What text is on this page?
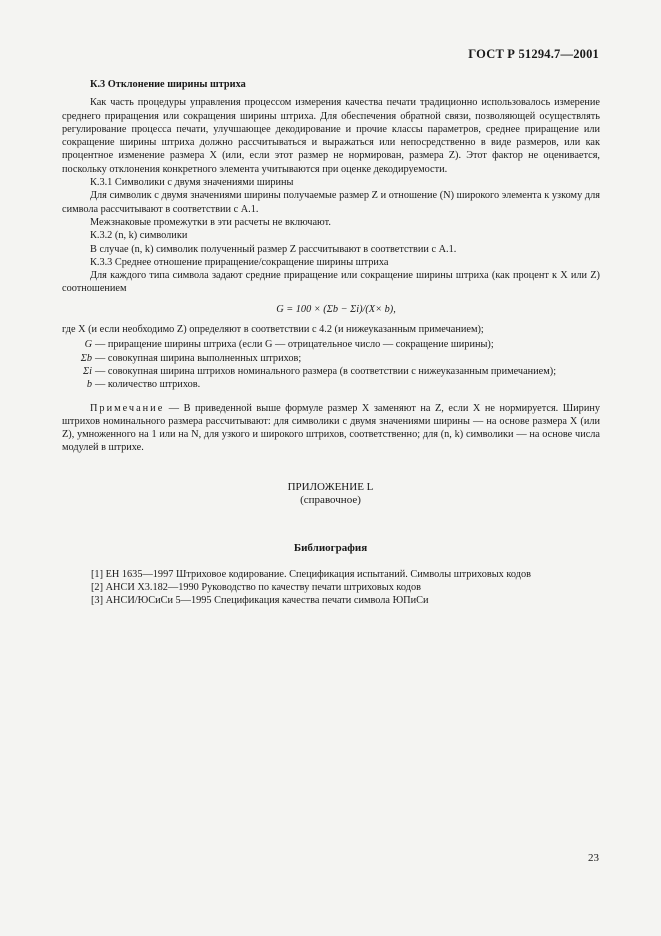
ГОСТ Р 51294.7—2001
К.3 Отклонение ширины штриха

Как часть процедуры управления процессом измерения качества печати традиционно использовалось измерение среднего приращения или сокращения ширины штриха. Для обеспечения обратной связи, позволяющей осуществлять регулирование процесса печати, улучшающее декодирование и прочие классы параметров, среднее приращение или сокращение ширины штриха должно рассчитываться и выражаться или непосредственно в виде размеров, или как процентное изменение размера X (или, если этот размер не нормирован, размера Z). Этот фактор не оценивается, поскольку отклонения конкретного элемента учитываются при оценке декодируемости.

К.3.1 Символики с двумя значениями ширины

Для символик с двумя значениями ширины получаемые размер Z и отношение (N) широкого элемента к узкому для символа рассчитывают в соответствии с А.1.

Межзнаковые промежутки в эти расчеты не включают.

К.3.2 (n, k) символики

В случае (n, k) символик полученный размер Z рассчитывают в соответствии с А.1.

К.3.3 Среднее отношение приращение/сокращение ширины штриха

Для каждого типа символа задают средние приращение или сокращение ширины штриха (как процент к X или Z) соотношением

G = 100 × (Σb − Σi)/(X× b),

где X (и если необходимо Z) определяют в соответствии с 4.2 (и нижеуказанным примечанием);

G — приращение ширины штриха (если G — отрицательное число — сокращение ширины);
Σb — совокупная ширина выполненных штрихов;
Σi — совокупная ширина штрихов номинального размера (в соответствии с нижеуказанным примечанием);
b — количество штрихов.

Примечание — В приведенной выше формуле размер X заменяют на Z, если X не нормируется. Ширину штрихов номинального размера рассчитывают: для символики с двумя значениями ширины — на основе размера X (или Z), умноженного на 1 или на N, для узкого и широкого штрихов, соответственно; для (n, k) символики — на основе числа модулей в штрихе.

ПРИЛОЖЕНИЕ L
(справочное)
Библиография
[1] ЕН 1635—1997 Штриховое кодирование. Спецификация испытаний. Символы штриховых кодов
[2] АНСИ Х3.182—1990 Руководство по качеству печати штриховых кодов
[3] АНСИ/ЮСиСи 5—1995 Спецификация качества печати символа ЮПиСи
23
